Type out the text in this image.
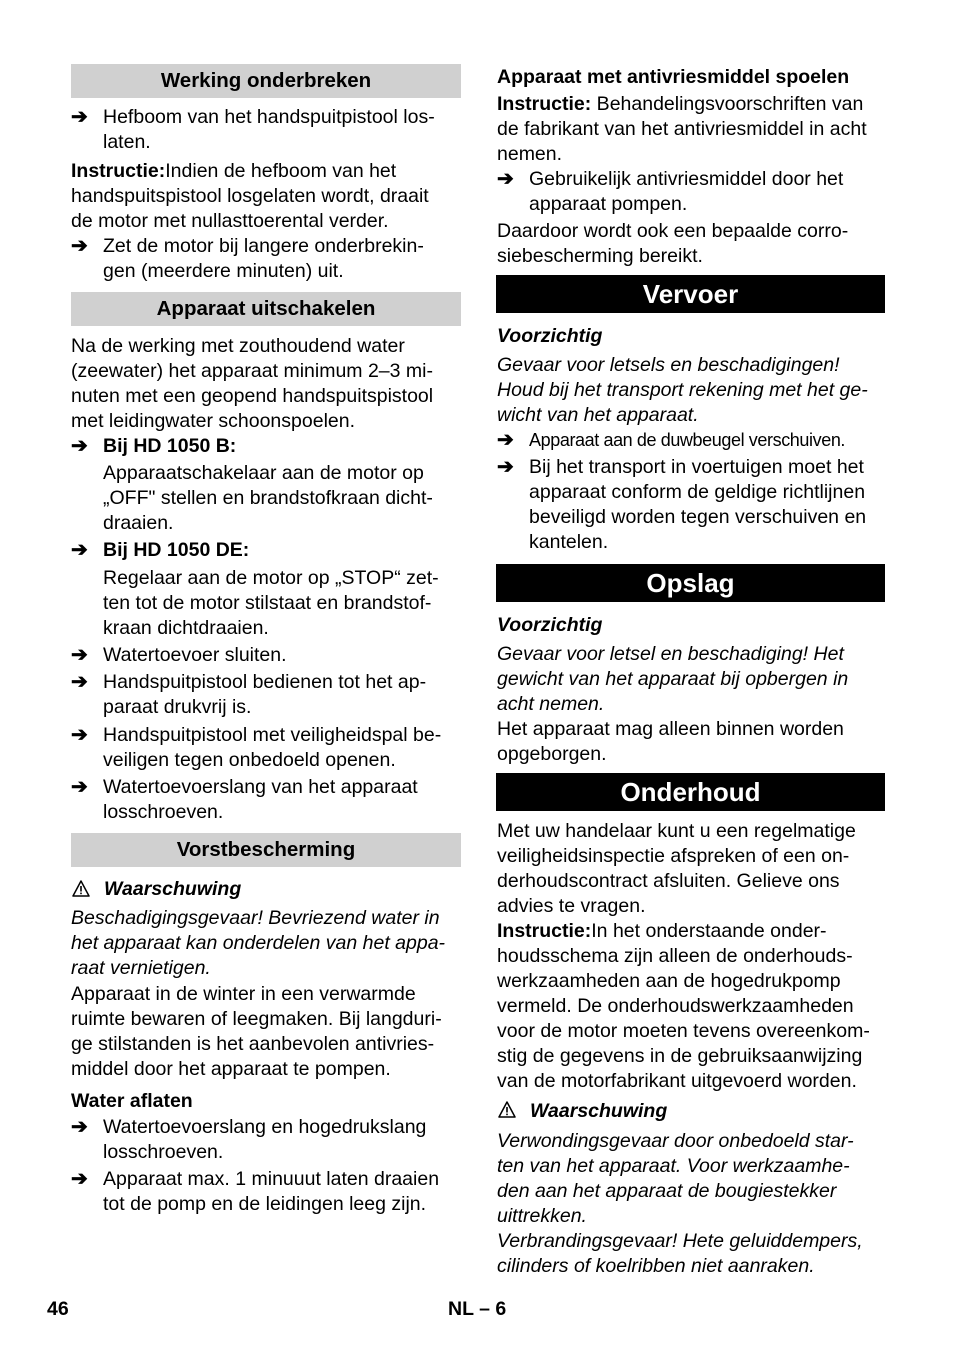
Werking onderbreken
➔ Hefboom van het handspuitpistool los-
laten.
Instructie:Indien de hefboom van het
handspuitspistool losgelaten wordt, draait
de motor met nullasttoerental verder.
➔ Zet de motor bij langere onderbrekin-
gen (meerdere minuten) uit.
Apparaat uitschakelen
Na de werking met zouthoudend water
(zeewater) het apparaat minimum 2–3 mi-
nuten met een geopend handspuitspistool
met leidingwater schoonspoelen.
➔ Bij HD 1050 B:
Apparaatschakelaar aan de motor op
„OFF" stellen en brandstofkraan dicht-
draaien.
➔ Bij HD 1050 DE:
Regelaar aan de motor op „STOP“ zet-
ten tot de motor stilstaat en brandstof-
kraan dichtdraaien.
➔ Watertoevoer sluiten.
➔ Handspuitpistool bedienen tot het ap-
paraat drukvrij is.
➔ Handspuitpistool met veiligheidspal be-
veiligen tegen onbedoeld openen.
➔ Watertoevoerslang van het apparaat
losschroeven.
Vorstbescherming
Waarschuwing
Beschadigingsgevaar! Bevriezend water in
het apparaat kan onderdelen van het appa-
raat vernietigen.
Apparaat in de winter in een verwarmde
ruimte bewaren of leegmaken. Bij langduri-
ge stilstanden is het aanbevolen antivries-
middel door het apparaat te pompen.
Water aflaten
➔ Watertoevoerslang en hogedrukslang
losschroeven.
➔ Apparaat max. 1 minuuut laten draaien
tot de pomp en de leidingen leeg zijn.
Apparaat met antivriesmiddel spoelen
Instructie: Behandelingsvoorschriften van
de fabrikant van het antivriesmiddel in acht
nemen.
➔ Gebruikelijk antivriesmiddel door het
apparaat pompen.
Daardoor wordt ook een bepaalde corro-
siebescherming bereikt.
Vervoer
Voorzichtig
Gevaar voor letsels en beschadigingen!
Houd bij het transport rekening met het ge-
wicht van het apparaat.
➔ Apparaat aan de duwbeugel verschuiven.
➔ Bij het transport in voertuigen moet het
apparaat conform de geldige richtlijnen
beveiligd worden tegen verschuiven en
kantelen.
Opslag
Voorzichtig
Gevaar voor letsel en beschadiging! Het
gewicht van het apparaat bij opbergen in
acht nemen.
Het apparaat mag alleen binnen worden
opgeborgen.
Onderhoud
Met uw handelaar kunt u een regelmatige
veiligheidsinspectie afspreken of een on-
derhoudscontract afsluiten. Gelieve ons
advies te vragen.
Instructie:In het onderstaande onder-
houdsschema zijn alleen de onderhouds-
werkzaamheden aan de hogedrukpomp
vermeld. De onderhoudswerkzaamheden
voor de motor moeten tevens overeenkom-
stig de gegevens in de gebruiksaanwijzing
van de motorfabrikant uitgevoerd worden.
Waarschuwing
Verwondingsgevaar door onbedoeld star-
ten van het apparaat. Voor werkzaamhe-
den aan het apparaat de bougiestekker
uittrekken.
Verbrandingsgevaar! Hete geluiddempers,
cilinders of koelribben niet aanraken.
46	NL – 6
